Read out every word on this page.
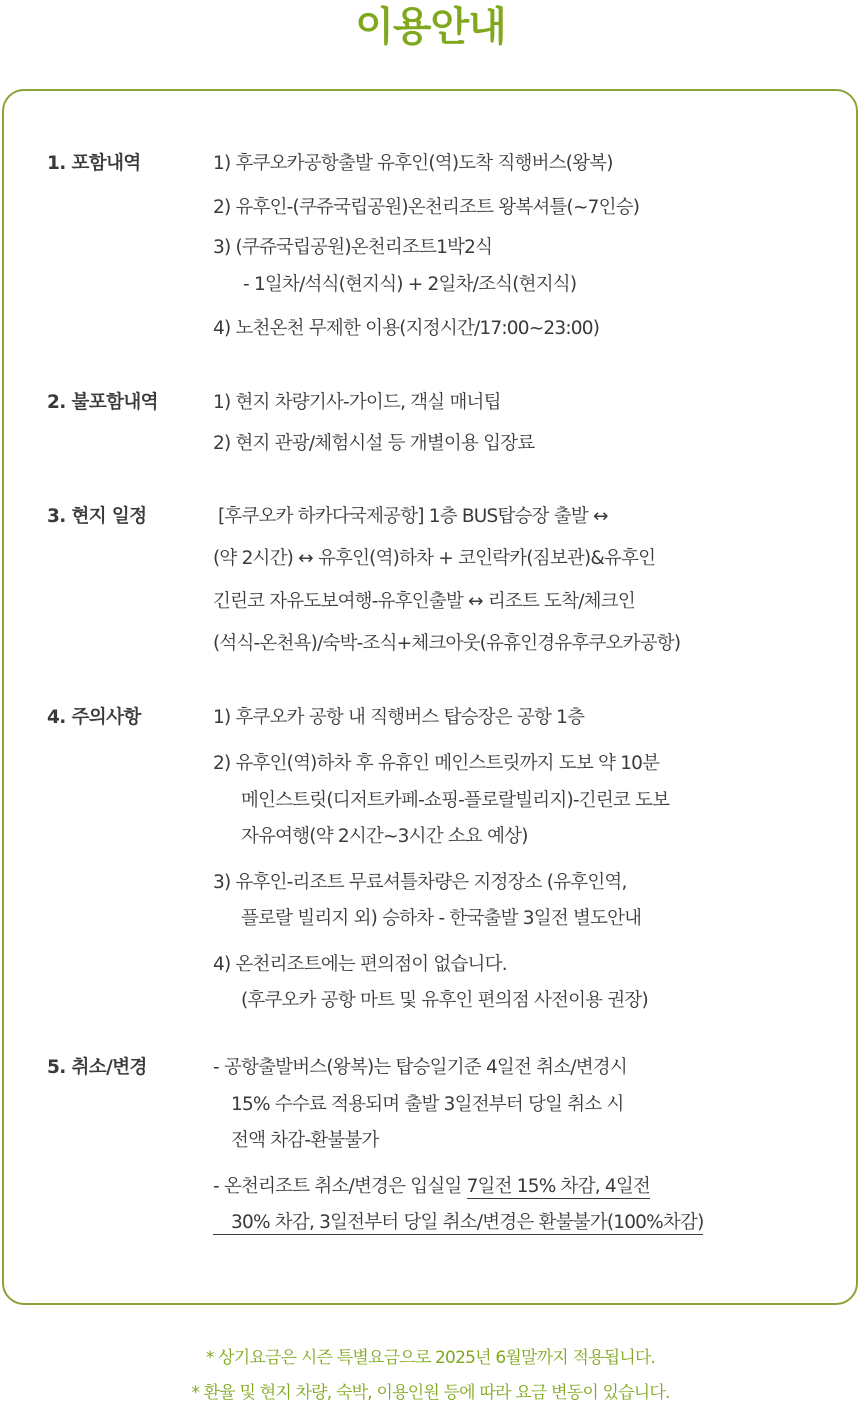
이용안내
1. 포함내역	1) 후쿠오카공항출발 유후인(역)도착 직행버스(왕복)
2) 유후인-(쿠쥬국립공원)온천리조트 왕복셔틀(~7인승)
3) (쿠쥬국립공원)온천리조트1박2식
- 1일차/석식(현지식) + 2일차/조식(현지식)
4) 노천온천 무제한 이용(지정시간/17:00~23:00)
2. 불포함내역	1) 현지 차량기사-가이드, 객실 매너팁
2) 현지 관광/체험시설 등 개별이용 입장료
3. 현지 일정	[후쿠오카 하카다국제공항] 1층 BUS탑승장 출발 ↔
(약 2시간) ↔ 유후인(역)하차 + 코인락카(짐보관)&유후인
긴린코 자유도보여행-유후인출발 ↔ 리조트 도착/체크인
(석식-온천욕)/숙박-조식+체크아웃(유휴인경유후쿠오카공항)
4. 주의사항	1) 후쿠오카 공항 내 직행버스 탑승장은 공항 1층
2) 유후인(역)하차 후 유휴인 메인스트릿까지 도보 약 10분
메인스트릿(디저트카페-쇼핑-플로랄빌리지)-긴린코 도보
자유여행(약 2시간~3시간 소요 예상)
3) 유후인-리조트 무료셔틀차량은 지정장소 (유후인역,
플로랄 빌리지 외) 승하차 - 한국출발 3일전 별도안내
4) 온천리조트에는 편의점이 없습니다.
(후쿠오카 공항 마트 및 유후인 편의점 사전이용 권장)
5. 취소/변경	- 공항출발버스(왕복)는 탑승일기준 4일전 취소/변경시
15% 수수료 적용되며 출발 3일전부터 당일 취소 시
전액 차감-환불불가
- 온천리조트 취소/변경은 입실일 7일전 15% 차감, 4일전
30% 차감, 3일전부터 당일 취소/변경은 환불불가(100%차감)
* 상기요금은 시즌 특별요금으로 2025년 6월말까지 적용됩니다.
* 환율 및 현지 차량, 숙박, 이용인원 등에 따라 요금 변동이 있습니다.
